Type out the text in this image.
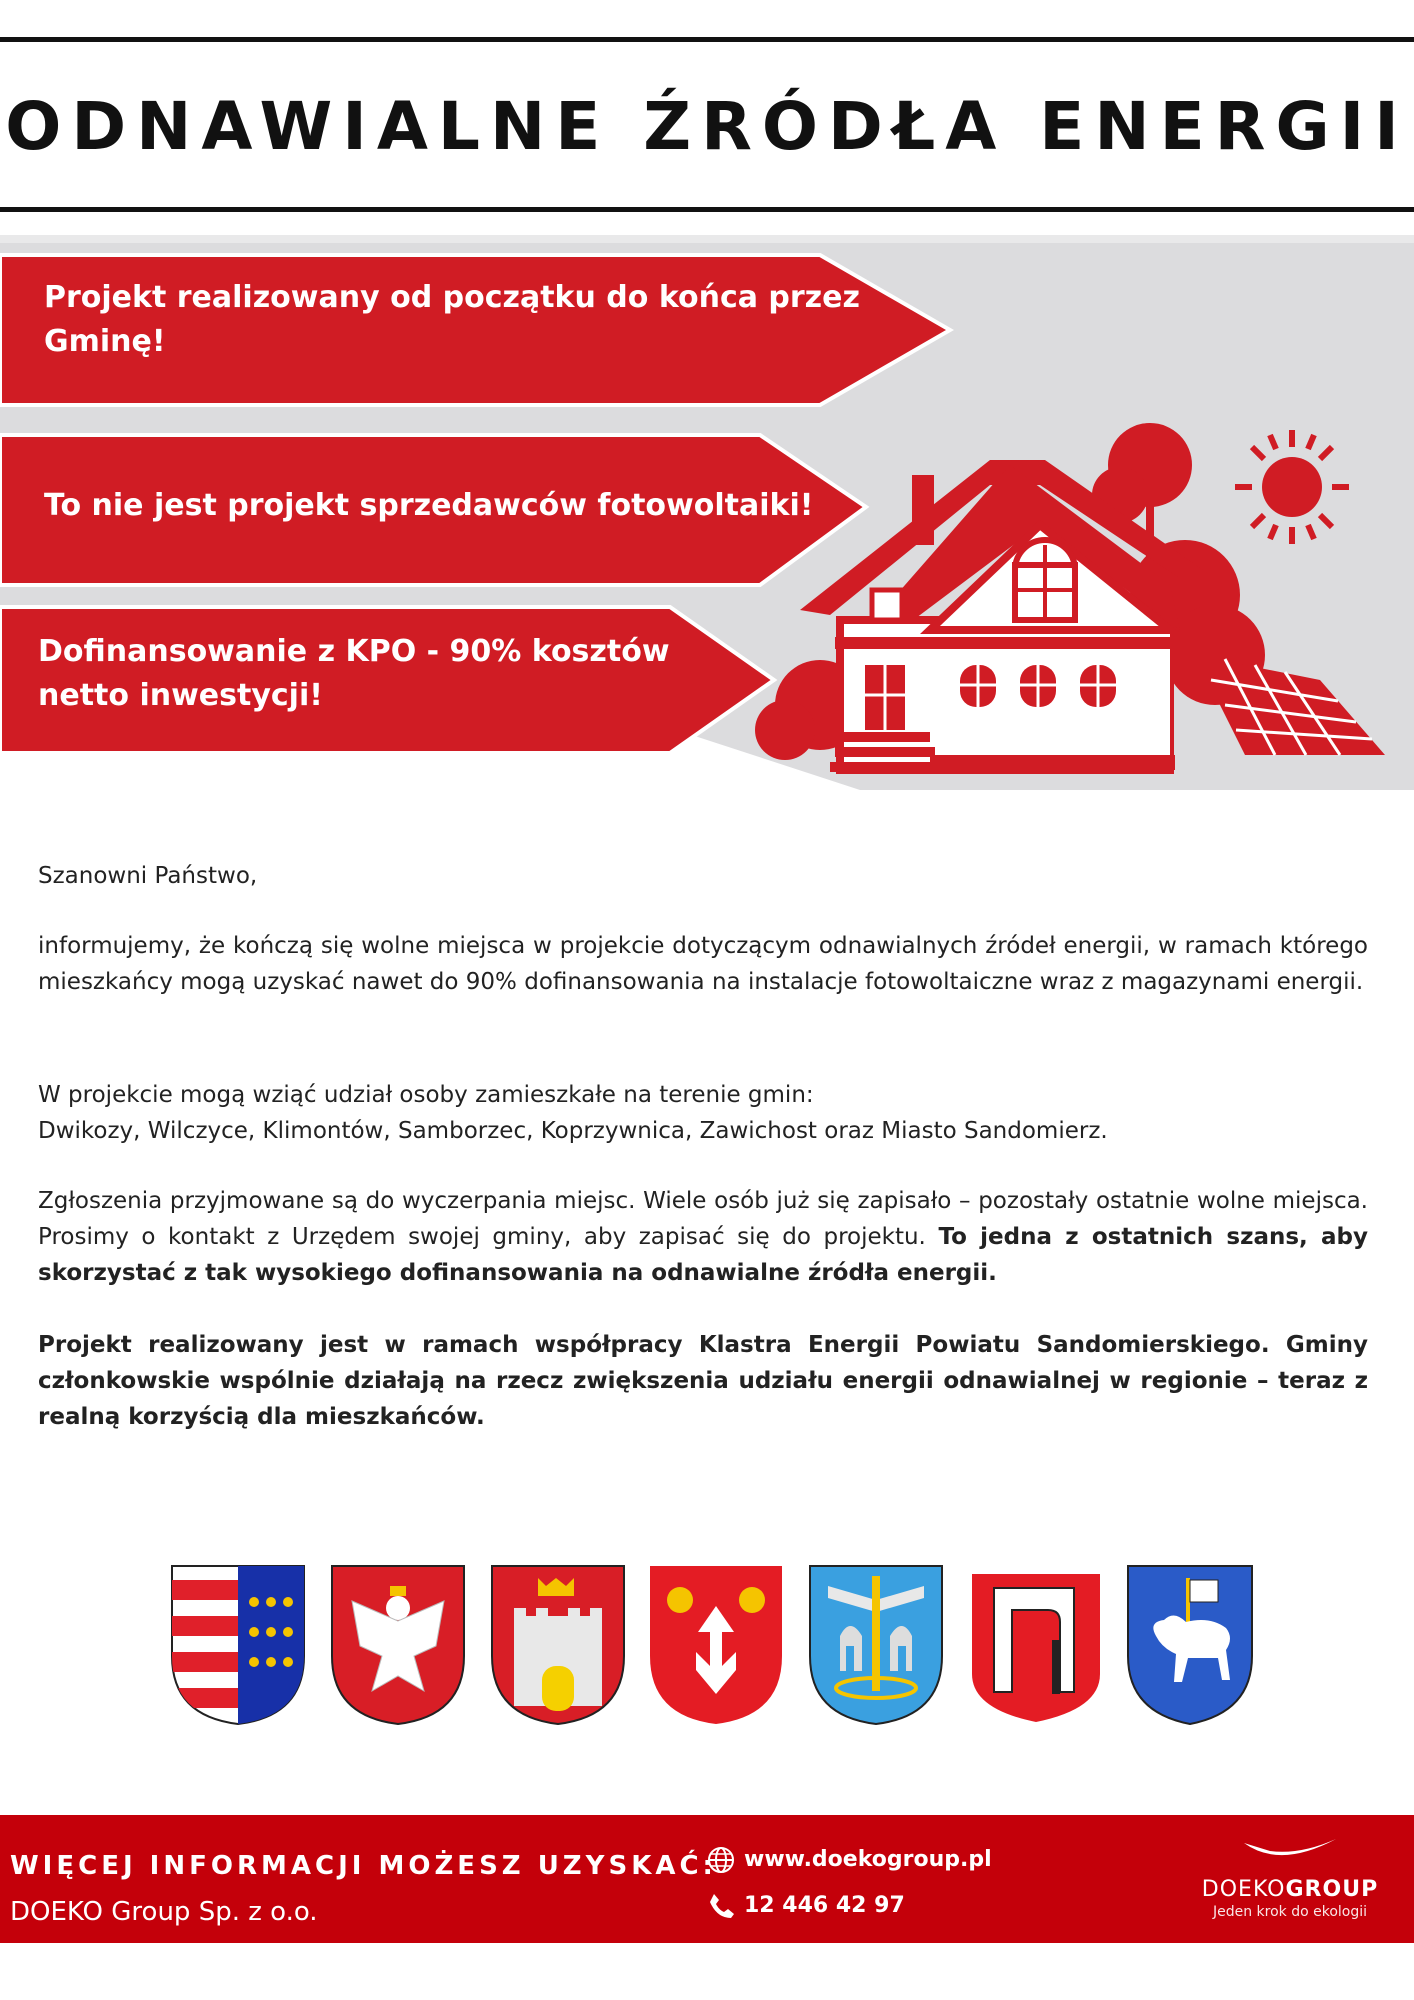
ODNAWIALNE ŹRÓDŁA ENERGII
Projekt realizowany od początku do końca przez
Gminę!
To nie jest projekt sprzedawców fotowoltaiki!
Dofinansowanie z KPO - 90% kosztów
netto inwestycji!

Szanowni Państwo,

informujemy, że kończą się wolne miejsca w projekcie dotyczącym odnawialnych źródeł energii, w ramach którego mieszkańcy mogą uzyskać nawet do 90% dofinansowania na instalacje fotowoltaiczne wraz z magazynami energii.

W projekcie mogą wziąć udział osoby zamieszkałe na terenie gmin:

Dwikozy, Wilczyce, Klimontów, Samborzec, Koprzywnica, Zawichost oraz Miasto Sandomierz.

Zgłoszenia przyjmowane są do wyczerpania miejsc. Wiele osób już się zapisało – pozostały ostatnie wolne miejsca. Prosimy o kontakt z Urzędem swojej gminy, aby zapisać się do projektu. To jedna z ostatnich szans, aby skorzystać z tak wysokiego dofinansowania na odnawialne źródła energii.

Projekt realizowany jest w ramach współpracy Klastra Energii Powiatu Sandomierskiego. Gminy członkowskie wspólnie działają na rzecz zwiększenia udziału energii odnawialnej w regionie – teraz z realną korzyścią dla mieszkańców.

WIĘCEJ INFORMACJI MOŻESZ UZYSKAĆ:
DOEKO Group Sp. z o.o.
www.doekogroup.pl
12 446 42 97
DOEKOGROUP
Jeden krok do ekologii
